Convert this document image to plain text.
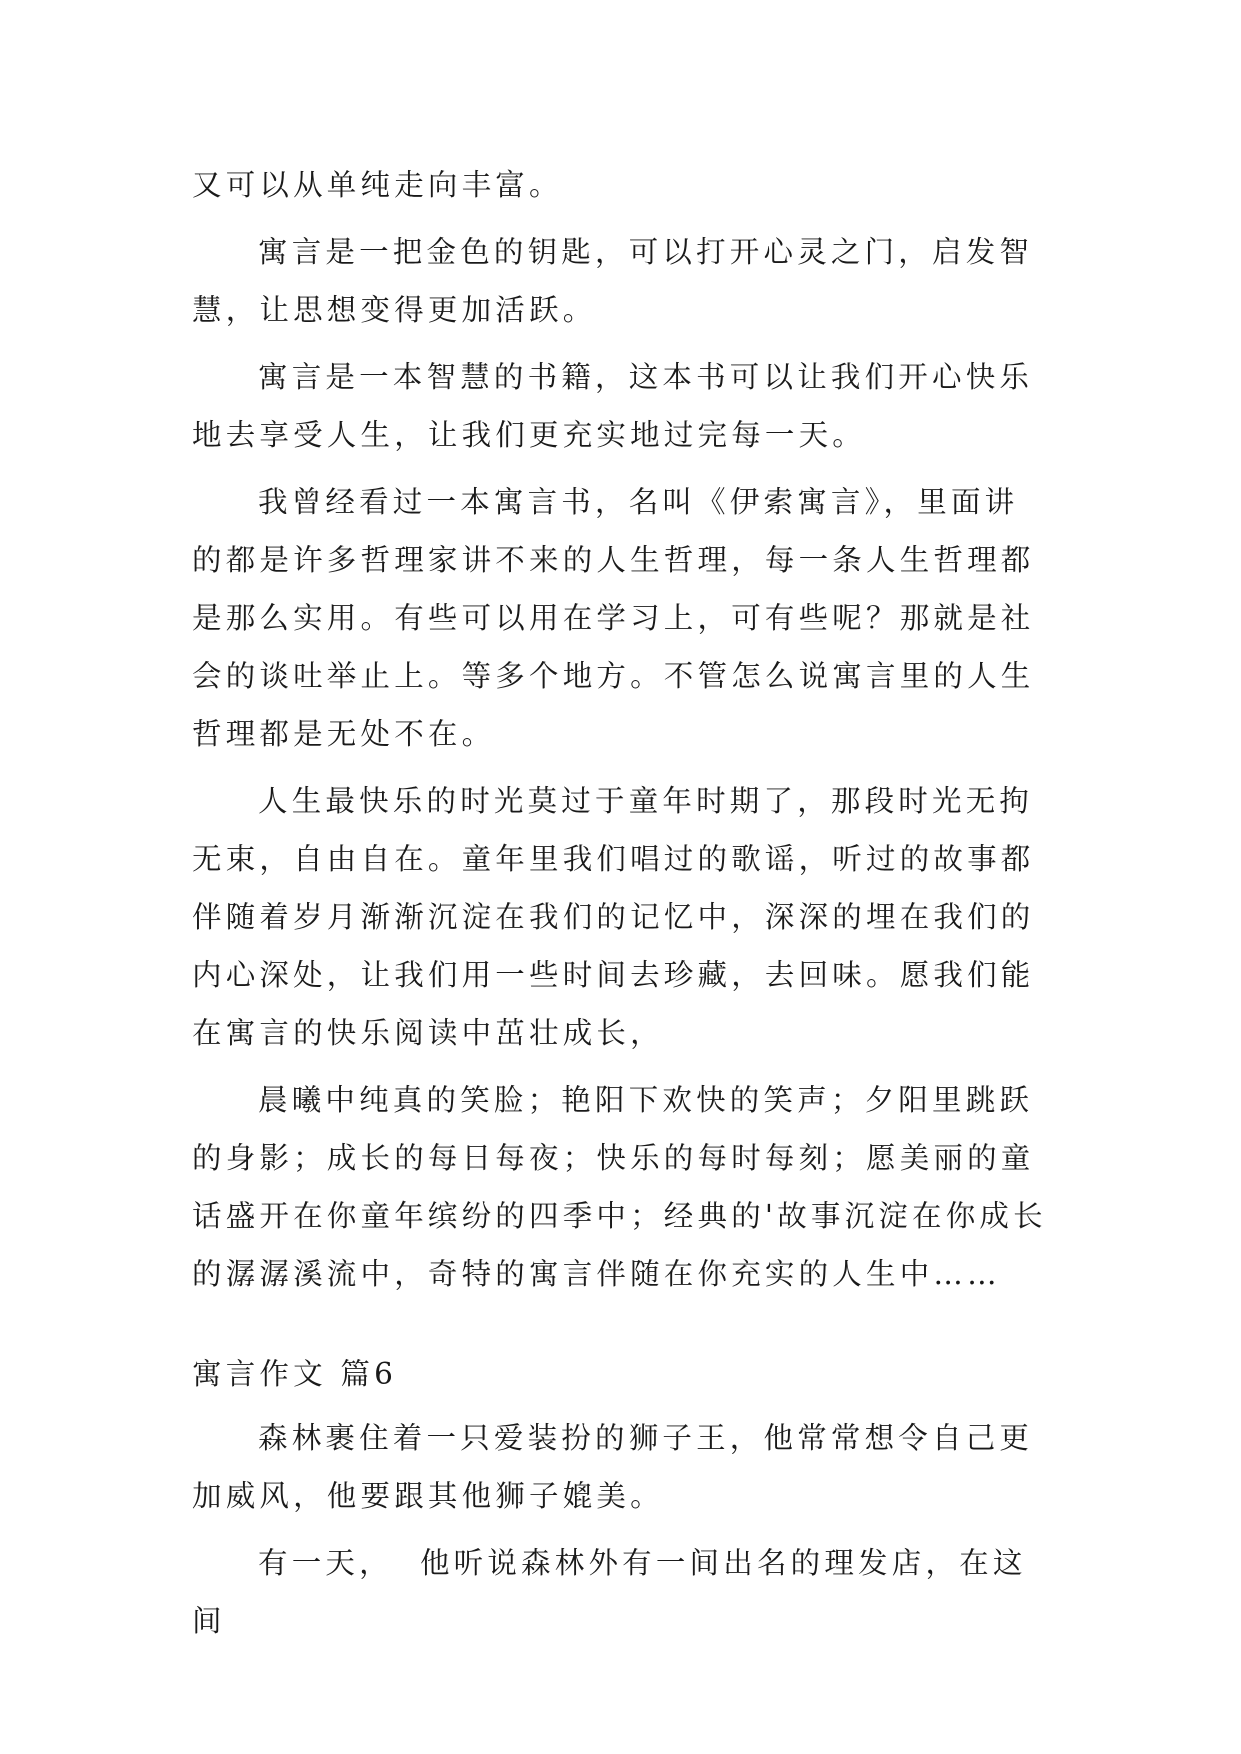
又可以从单纯走向丰富。

寓言是一把金色的钥匙，可以打开心灵之门，启发智慧，让思想变得更加活跃。

寓言是一本智慧的书籍，这本书可以让我们开心快乐地去享受人生，让我们更充实地过完每一天。

我曾经看过一本寓言书，名叫《伊索寓言》，里面讲的都是许多哲理家讲不来的人生哲理，每一条人生哲理都是那么实用。有些可以用在学习上，可有些呢？那就是社会的谈吐举止上。等多个地方。不管怎么说寓言里的人生哲理都是无处不在。

人生最快乐的时光莫过于童年时期了，那段时光无拘无束，自由自在。童年里我们唱过的歌谣，听过的故事都伴随着岁月渐渐沉淀在我们的记忆中，深深的埋在我们的内心深处，让我们用一些时间去珍藏，去回味。愿我们能在寓言的快乐阅读中茁壮成长，

晨曦中纯真的笑脸；艳阳下欢快的笑声；夕阳里跳跃的身影；成长的每日每夜；快乐的每时每刻；愿美丽的童话盛开在你童年缤纷的四季中；经典的'故事沉淀在你成长的潺潺溪流中，奇特的寓言伴随在你充实的人生中……

寓言作文 篇6

森林裹住着一只爱装扮的狮子王，他常常想令自己更加威风，他要跟其他狮子媲美。

有一天，  他听说森林外有一间出名的理发店，在这间
